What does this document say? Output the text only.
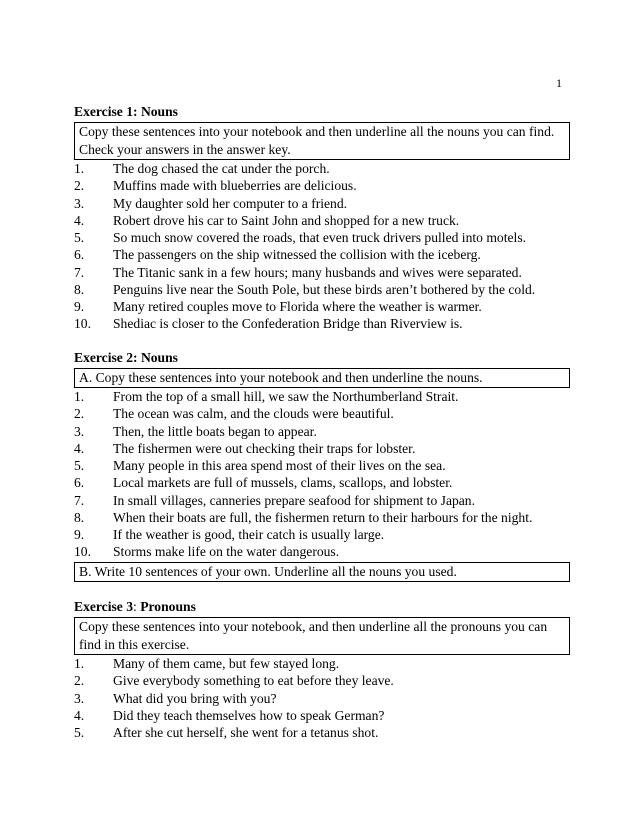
1
Exercise 1: Nouns
Copy these sentences into your notebook and then underline all the nouns you can find. Check your answers in the answer key.
1.	The dog chased the cat under the porch.
2.	Muffins made with blueberries are delicious.
3.	My daughter sold her computer to a friend.
4.	Robert drove his car to Saint John and shopped for a new truck.
5.	So much snow covered the roads, that even truck drivers pulled into motels.
6.	The passengers on the ship witnessed the collision with the iceberg.
7.	The Titanic sank in a few hours; many husbands and wives were separated.
8.	Penguins live near the South Pole, but these birds aren’t bothered by the cold.
9.	Many retired couples move to Florida where the weather is warmer.
10.	Shediac is closer to the Confederation Bridge than Riverview is.
Exercise 2: Nouns
A. Copy these sentences into your notebook and then underline the nouns.
1.	From the top of a small hill, we saw the Northumberland Strait.
2.	The ocean was calm, and the clouds were beautiful.
3.	Then, the little boats began to appear.
4.	The fishermen were out checking their traps for lobster.
5.	Many people in this area spend most of their lives on the sea.
6.	Local markets are full of mussels, clams, scallops, and lobster.
7.	In small villages, canneries prepare seafood for shipment to Japan.
8.	When their boats are full, the fishermen return to their harbours for the night.
9.	If the weather is good, their catch is usually large.
10.	Storms make life on the water dangerous.
B. Write 10 sentences of your own. Underline all the nouns you used.
Exercise 3: Pronouns
Copy these sentences into your notebook, and then underline all the pronouns you can find in this exercise.
1.	Many of them came, but few stayed long.
2.	Give everybody something to eat before they leave.
3.	What did you bring with you?
4.	Did they teach themselves how to speak German?
5.	After she cut herself, she went for a tetanus shot.
